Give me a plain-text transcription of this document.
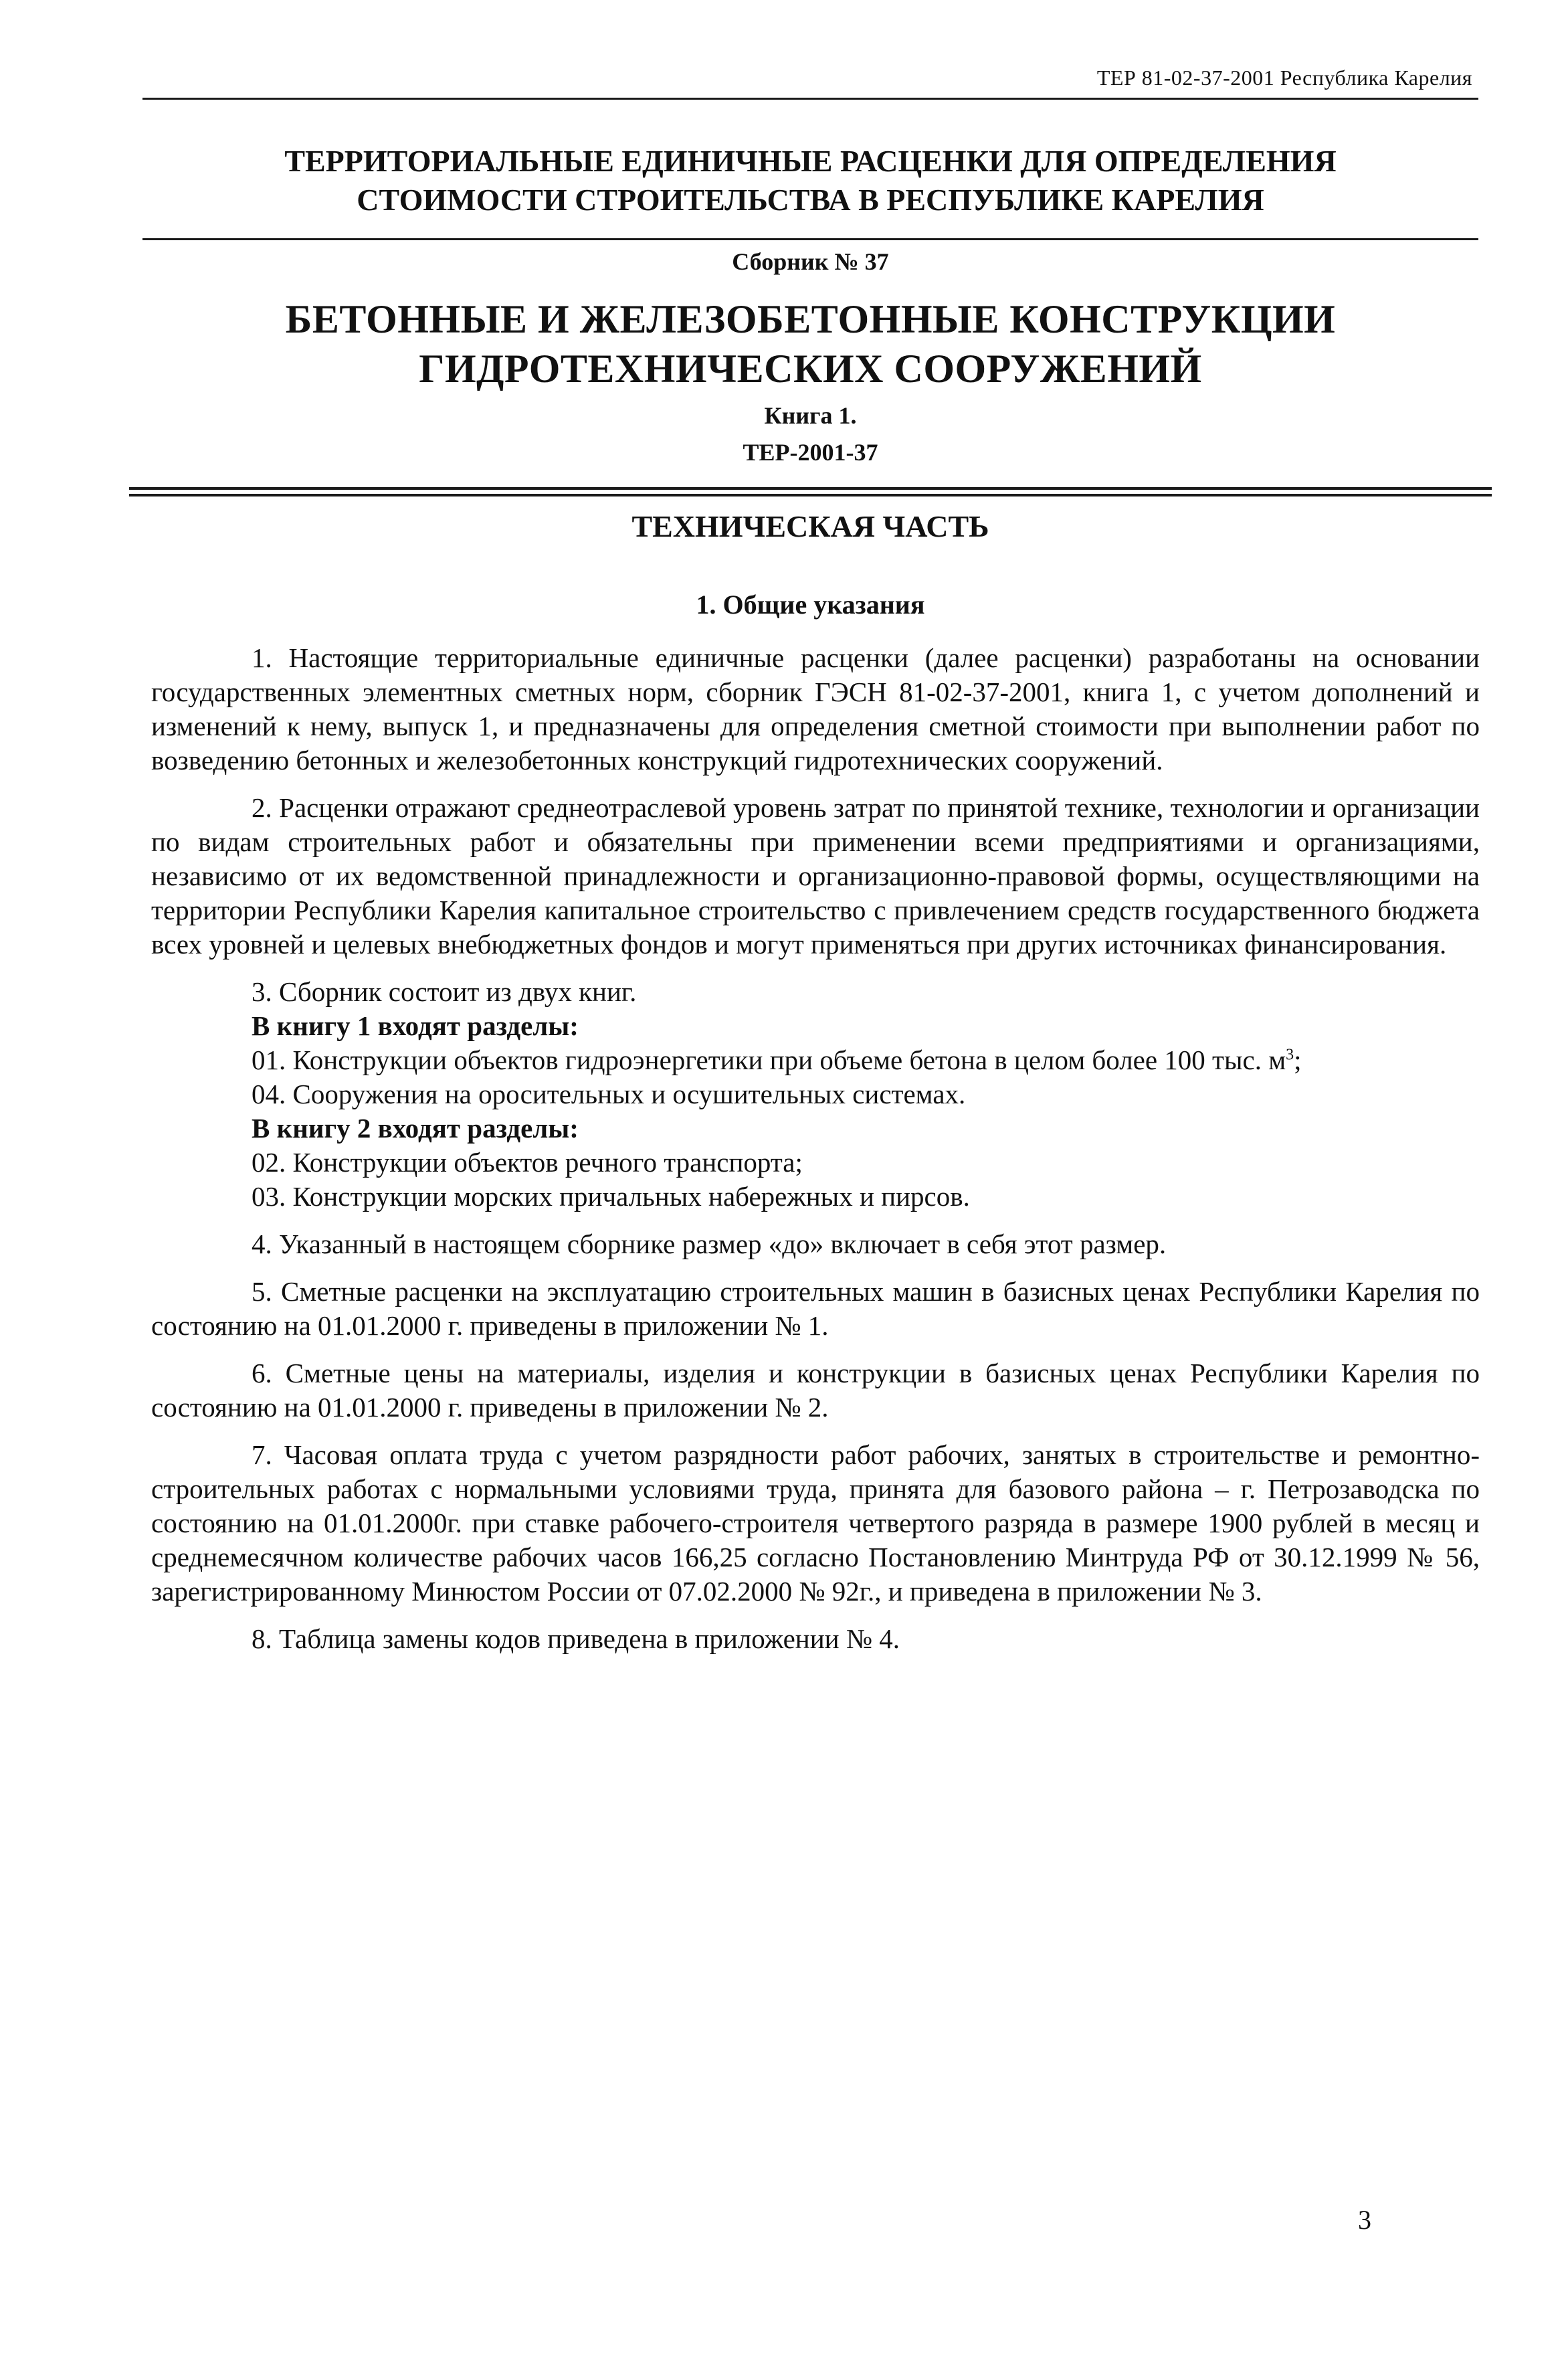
ТЕР 81-02-37-2001 Республика Карелия
ТЕРРИТОРИАЛЬНЫЕ ЕДИНИЧНЫЕ РАСЦЕНКИ ДЛЯ ОПРЕДЕЛЕНИЯ
СТОИМОСТИ СТРОИТЕЛЬСТВА В РЕСПУБЛИКЕ КАРЕЛИЯ
Сборник № 37
БЕТОННЫЕ И ЖЕЛЕЗОБЕТОННЫЕ КОНСТРУКЦИИ
ГИДРОТЕХНИЧЕСКИХ СООРУЖЕНИЙ
Книга 1.
ТЕР-2001-37
ТЕХНИЧЕСКАЯ ЧАСТЬ
1. Общие указания

1. Настоящие территориальные единичные расценки (далее расценки) разработаны на основании государственных элементных сметных норм, сборник ГЭСН 81-02-37-2001, книга 1, с учетом дополнений и изменений к нему, выпуск 1, и предназначены для определения сметной стоимости при выполнении работ по возведению бетонных и железобетонных конструкций гидротехнических сооружений.

2. Расценки отражают среднеотраслевой уровень затрат по принятой технике, технологии и организации по видам строительных работ и обязательны при применении всеми предприятиями и организациями, независимо от их ведомственной принадлежности и организационно-правовой формы, осуществляющими на территории Республики Карелия капитальное строительство с привлечением средств государственного бюджета всех уровней и целевых внебюджетных фондов и могут применяться при других источниках финансирования.

3. Сборник состоит из двух книг.

В книгу 1 входят разделы:

01. Конструкции объектов гидроэнергетики при объеме бетона в целом более 100 тыс. $м^3$;

04. Сооружения на оросительных и осушительных системах.

В книгу 2 входят разделы:

02. Конструкции объектов речного транспорта;

03. Конструкции морских причальных набережных и пирсов.

4. Указанный в настоящем сборнике размер «до» включает в себя этот размер.

5. Сметные расценки на эксплуатацию строительных машин в базисных ценах Республики Карелия по состоянию на 01.01.2000 г. приведены в приложении № 1.

6. Сметные цены на материалы, изделия и конструкции в базисных ценах Республики Карелия по состоянию на 01.01.2000 г. приведены в приложении № 2.

7. Часовая оплата труда с учетом разрядности работ рабочих, занятых в строительстве и ремонтно-строительных работах с нормальными условиями труда, принята для базового района – г. Петрозаводска по состоянию на 01.01.2000г. при ставке рабочего-строителя четвертого разряда в размере 1900 рублей в месяц и среднемесячном количестве рабочих часов 166,25 согласно Постановлению Минтруда РФ от 30.12.1999 № 56, зарегистрированному Минюстом России от 07.02.2000 № 92г., и приведена в приложении № 3.

8. Таблица замены кодов приведена в приложении № 4.

3
